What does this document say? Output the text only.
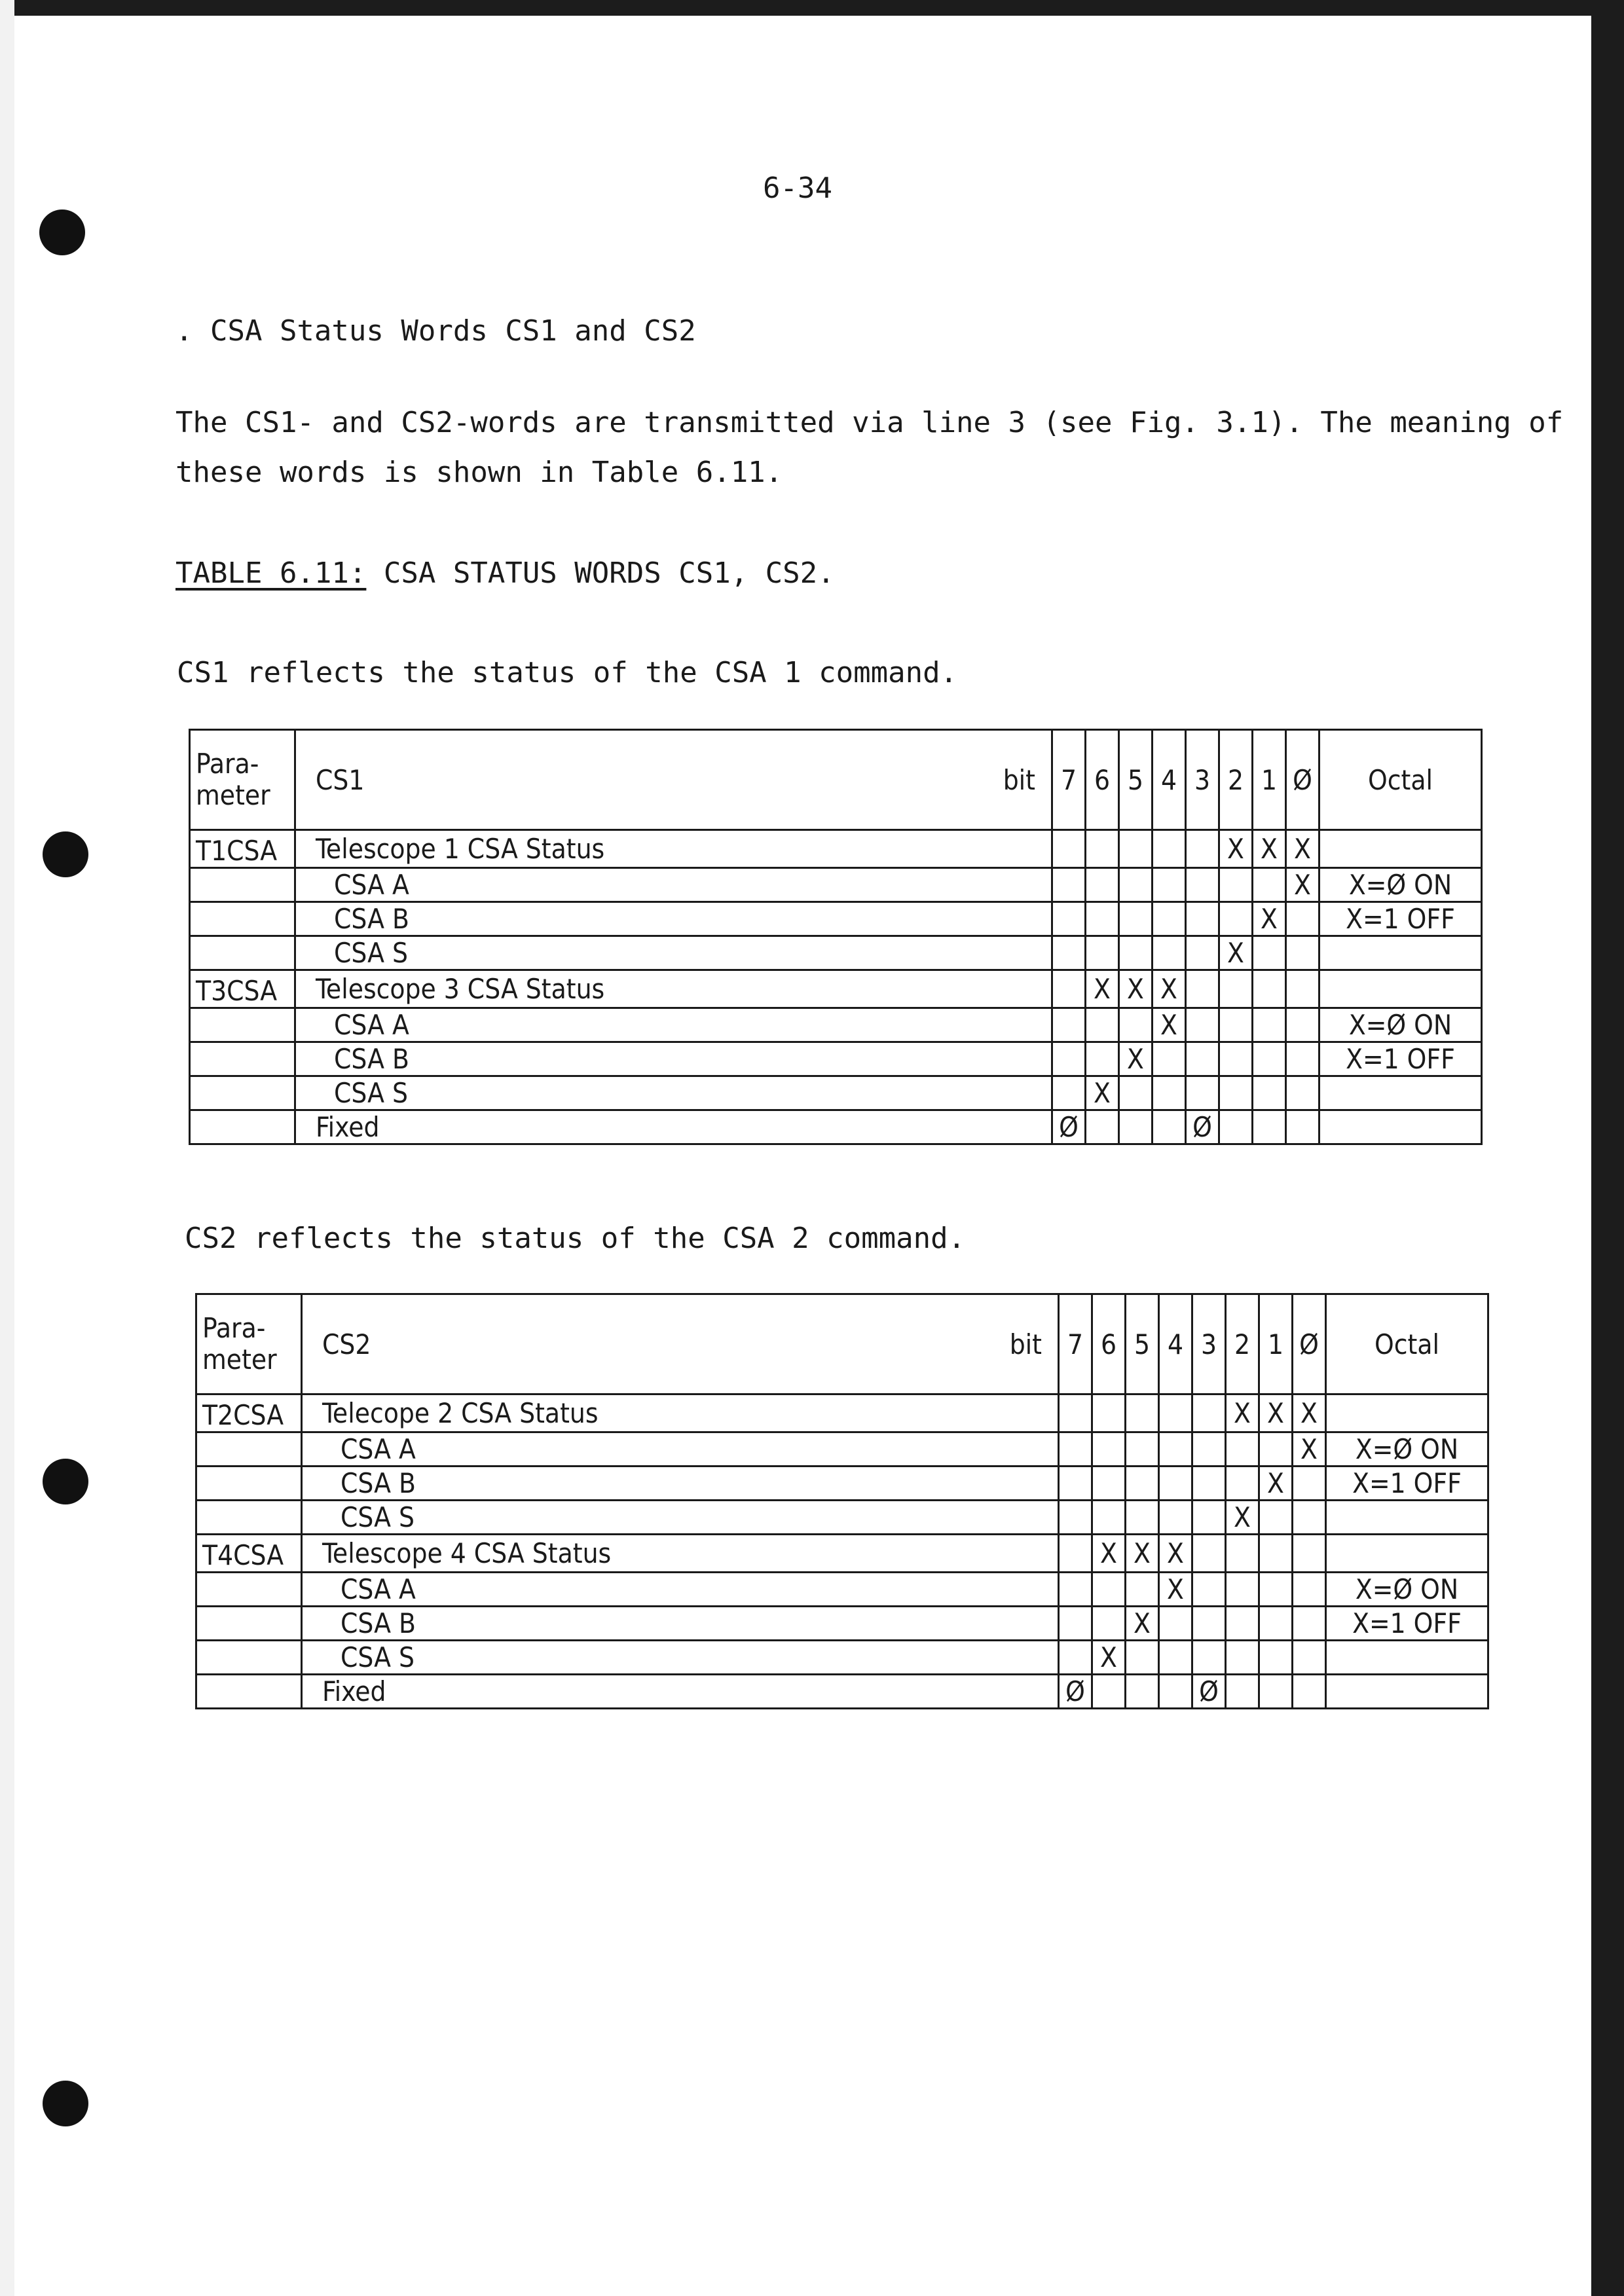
6-34
. CSA Status Words CS1 and CS2
The CS1- and CS2-words are transmitted via line 3 (see Fig. 3.1). The meaning of
these words is shown in Table 6.11.
TABLE 6.11: CSA STATUS WORDS CS1, CS2.
CS1 reflects the status of the CSA 1 command.
Para-
meter	CS1 bit	7	6	5	4	3	2	1	Ø	Octal
T1CSA	Telescope 1 CSA Status						X	X	X	
	CSA A								X	X=Ø ON
	CSA B							X		X=1 OFF
	CSA S						X			
T3CSA	Telescope 3 CSA Status		X	X	X					
	CSA A				X					X=Ø ON
	CSA B			X						X=1 OFF
	CSA S		X							
	Fixed	Ø				Ø				
CS2 reflects the status of the CSA 2 command.
Para-
meter	CS2 bit	7	6	5	4	3	2	1	Ø	Octal
T2CSA	Telecope 2 CSA Status						X	X	X	
	CSA A								X	X=Ø ON
	CSA B							X		X=1 OFF
	CSA S						X			
T4CSA	Telescope 4 CSA Status		X	X	X					
	CSA A				X					X=Ø ON
	CSA B			X						X=1 OFF
	CSA S		X							
	Fixed	Ø				Ø				
